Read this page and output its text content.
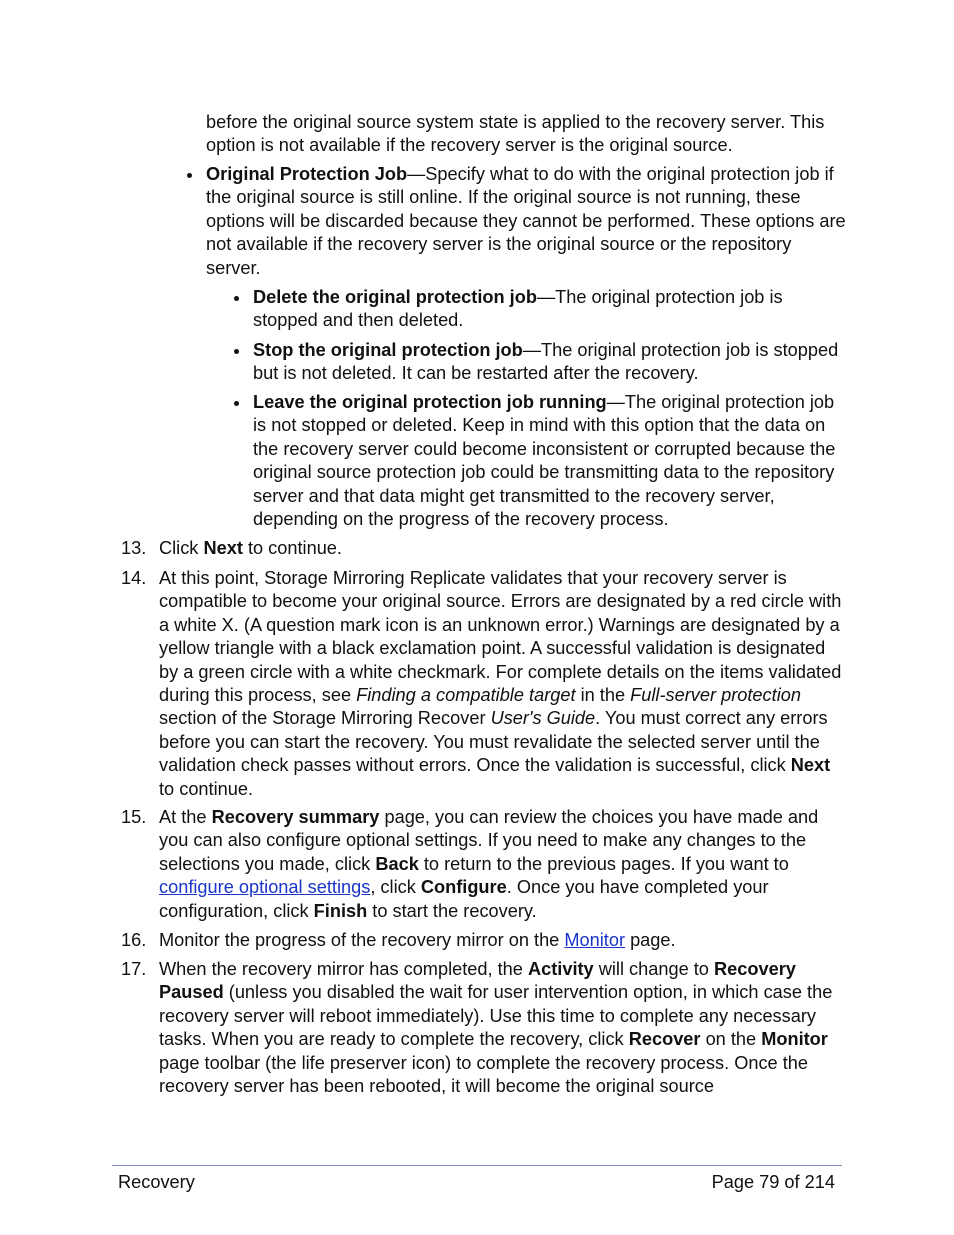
before the original source system state is applied to the recovery server. This option is not available if the recovery server is the original source.
Original Protection Job—Specify what to do with the original protection job if the original source is still online. If the original source is not running, these options will be discarded because they cannot be performed. These options are not available if the recovery server is the original source or the repository server.
Delete the original protection job—The original protection job is stopped and then deleted.
Stop the original protection job—The original protection job is stopped but is not deleted. It can be restarted after the recovery.
Leave the original protection job running—The original protection job is not stopped or deleted. Keep in mind with this option that the data on the recovery server could become inconsistent or corrupted because the original source protection job could be transmitting data to the repository server and that data might get transmitted to the recovery server, depending on the progress of the recovery process.
13. Click Next to continue.
14. At this point, Storage Mirroring Replicate validates that your recovery server is compatible to become your original source. Errors are designated by a red circle with a white X. (A question mark icon is an unknown error.) Warnings are designated by a yellow triangle with a black exclamation point. A successful validation is designated by a green circle with a white checkmark. For complete details on the items validated during this process, see Finding a compatible target in the Full-server protection section of the Storage Mirroring Recover User's Guide. You must correct any errors before you can start the recovery. You must revalidate the selected server until the validation check passes without errors. Once the validation is successful, click Next to continue.
15. At the Recovery summary page, you can review the choices you have made and you can also configure optional settings. If you need to make any changes to the selections you made, click Back to return to the previous pages. If you want to configure optional settings, click Configure. Once you have completed your configuration, click Finish to start the recovery.
16. Monitor the progress of the recovery mirror on the Monitor page.
17. When the recovery mirror has completed, the Activity will change to Recovery Paused (unless you disabled the wait for user intervention option, in which case the recovery server will reboot immediately). Use this time to complete any necessary tasks. When you are ready to complete the recovery, click Recover on the Monitor page toolbar (the life preserver icon) to complete the recovery process. Once the recovery server has been rebooted, it will become the original source
Recovery	Page 79 of 214
